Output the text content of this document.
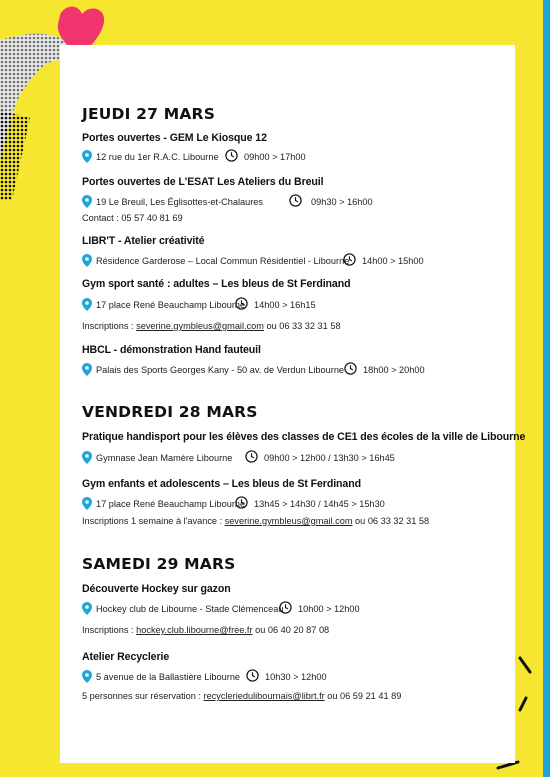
JEUDI 27 MARS
Portes ouvertes - GEM Le Kiosque 12
12 rue du 1er R.A.C. Libourne	09h00 > 17h00
Portes ouvertes de L'ESAT Les Ateliers du Breuil
19 Le Breuil, Les Églisottes-et-Chalaures	09h30 > 16h00
Contact : 05 57 40 81 69
LIBR'T - Atelier créativité
Résidence Garderose – Local Commun Résidentiel - Libourne 14h00 > 15h00
Gym sport santé : adultes – Les bleus de St Ferdinand
17 place René Beauchamp Libourne 14h00 > 16h15
Inscriptions : severine.gymbleus@gmail.com ou 06 33 32 31 58
HBCL - démonstration Hand fauteuil
Palais des Sports Georges Kany - 50 av. de Verdun Libourne 18h00 > 20h00
VENDREDI 28 MARS
Pratique handisport pour les élèves des classes de CE1 des écoles de la ville de Libourne
Gymnase Jean Mamère Libourne	09h00 > 12h00 / 13h30 > 16h45
Gym enfants et adolescents – Les bleus de St Ferdinand
17 place René Beauchamp Libourne 13h45 > 14h30 / 14h45 > 15h30
Inscriptions 1 semaine à l'avance : severine.gymbleus@gmail.com ou 06 33 32 31 58
SAMEDI 29 MARS
Découverte Hockey sur gazon
Hockey club de Libourne - Stade Clémenceau 10h00 > 12h00
Inscriptions : hockey.club.libourne@free.fr ou 06 40 20 87 08
Atelier Recyclerie
5 avenue de la Ballastière Libourne	10h30 > 12h00
5 personnes sur réservation : recycleriedulibournais@librt.fr ou 06 59 21 41 89
